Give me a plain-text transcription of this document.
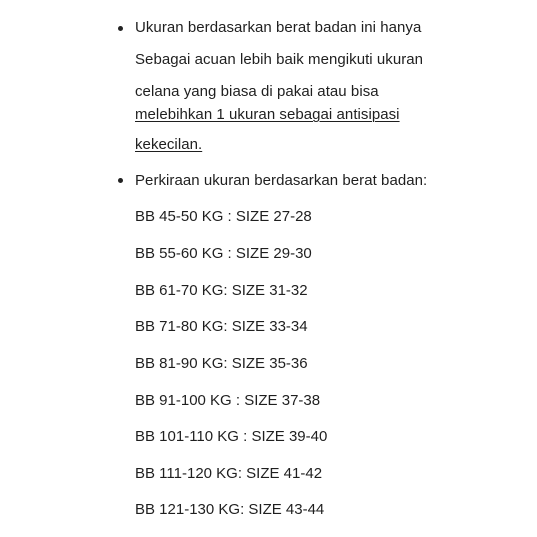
Ukuran berdasarkan berat badan ini hanya
Sebagai acuan lebih baik mengikuti ukuran
celana yang biasa di pakai atau bisa
melebihkan 1 ukuran sebagai antisipasi
kekecilan.
Perkiraan ukuran berdasarkan berat badan:
BB 45-50 KG : SIZE 27-28
BB 55-60 KG : SIZE 29-30
BB 61-70 KG: SIZE 31-32
BB 71-80 KG: SIZE 33-34
BB 81-90 KG: SIZE 35-36
BB 91-100 KG : SIZE 37-38
BB 101-110 KG : SIZE 39-40
BB 111-120 KG: SIZE 41-42
BB 121-130 KG: SIZE 43-44
